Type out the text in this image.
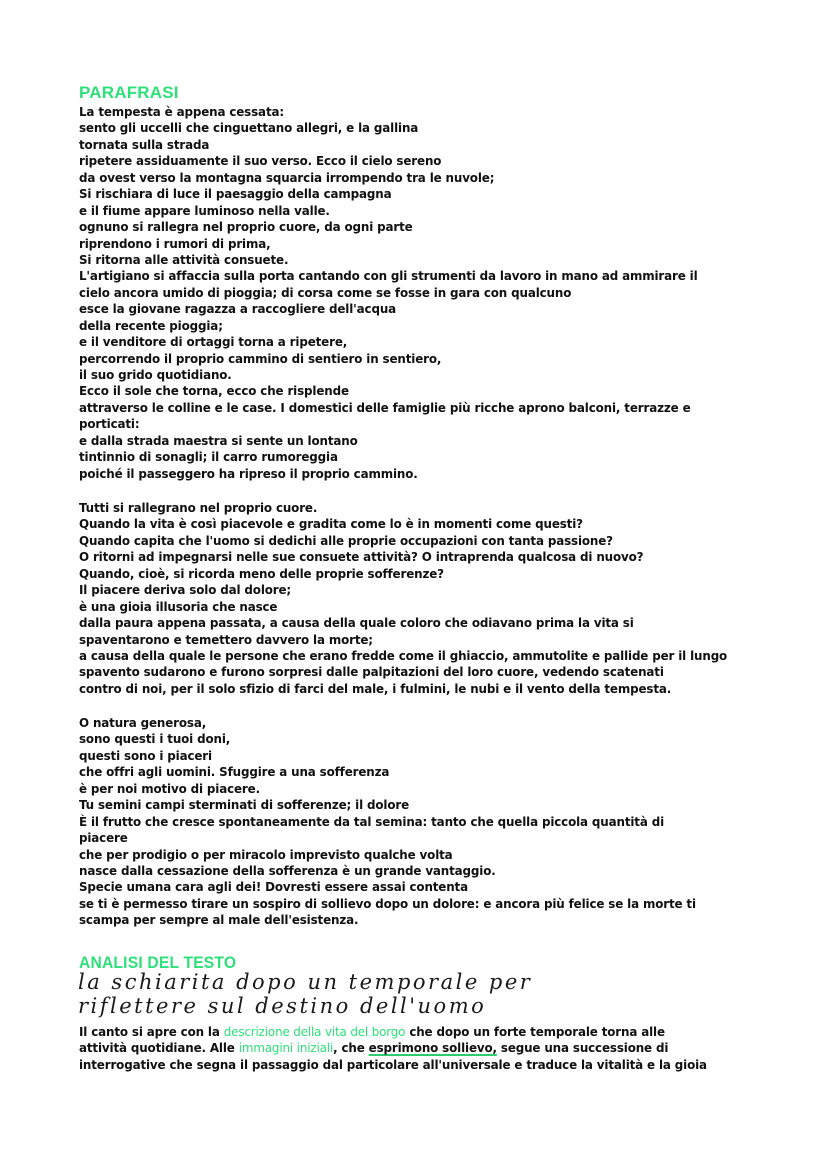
PARAFRASI
La tempesta è appena cessata:
sento gli uccelli che cinguettano allegri, e la gallina
tornata sulla strada
ripetere assiduamente il suo verso. Ecco il cielo sereno
da ovest verso la montagna squarcia irrompendo tra le nuvole;
Si rischiara di luce il paesaggio della campagna
e il fiume appare luminoso nella valle.
ognuno si rallegra nel proprio cuore, da ogni parte
riprendono i rumori di prima,
Si ritorna alle attività consuete.
L'artigiano si affaccia sulla porta cantando con gli strumenti da lavoro in mano ad ammirare il
cielo ancora umido di pioggia; di corsa come se fosse in gara con qualcuno
esce la giovane ragazza a raccogliere dell'acqua
della recente pioggia;
e il venditore di ortaggi torna a ripetere,
percorrendo il proprio cammino di sentiero in sentiero,
il suo grido quotidiano.
Ecco il sole che torna, ecco che risplende
attraverso le colline e le case. I domestici delle famiglie più ricche aprono balconi, terrazze e
porticati:
e dalla strada maestra si sente un lontano
tintinnio di sonagli; il carro rumoreggia
poiché il passeggero ha ripreso il proprio cammino.
Tutti si rallegrano nel proprio cuore.
Quando la vita è così piacevole e gradita come lo è in momenti come questi?
Quando capita che l'uomo si dedichi alle proprie occupazioni con tanta passione?
O ritorni ad impegnarsi nelle sue consuete attività? O intraprenda qualcosa di nuovo?
Quando, cioè, si ricorda meno delle proprie sofferenze?
Il piacere deriva solo dal dolore;
è una gioia illusoria che nasce
dalla paura appena passata, a causa della quale coloro che odiavano prima la vita si
spaventarono e temettero davvero la morte;
a causa della quale le persone che erano fredde come il ghiaccio, ammutolite e pallide per il lungo
spavento sudarono e furono sorpresi dalle palpitazioni del loro cuore, vedendo scatenati
contro di noi, per il solo sfizio di farci del male, i fulmini, le nubi e il vento della tempesta.
O natura generosa,
sono questi i tuoi doni,
questi sono i piaceri
che offri agli uomini. Sfuggire a una sofferenza
è per noi motivo di piacere.
Tu semini campi sterminati di sofferenze; il dolore
È il frutto che cresce spontaneamente da tal semina: tanto che quella piccola quantità di
piacere
che per prodigio o per miracolo imprevisto qualche volta
nasce dalla cessazione della sofferenza è un grande vantaggio.
Specie umana cara agli dei! Dovresti essere assai contenta
se ti è permesso tirare un sospiro di sollievo dopo un dolore: e ancora più felice se la morte ti
scampa per sempre al male dell'esistenza.
ANALISI DEL TESTO
la schiarita dopo un temporale per
riflettere sul destino dell'uomo
Il canto si apre con la descrizione della vita del borgo che dopo un forte temporale torna alle
attività quotidiane. Alle immagini iniziali, che esprimono sollievo, segue una successione di
interrogative che segna il passaggio dal particolare all'universale e traduce la vitalità e la gioia
